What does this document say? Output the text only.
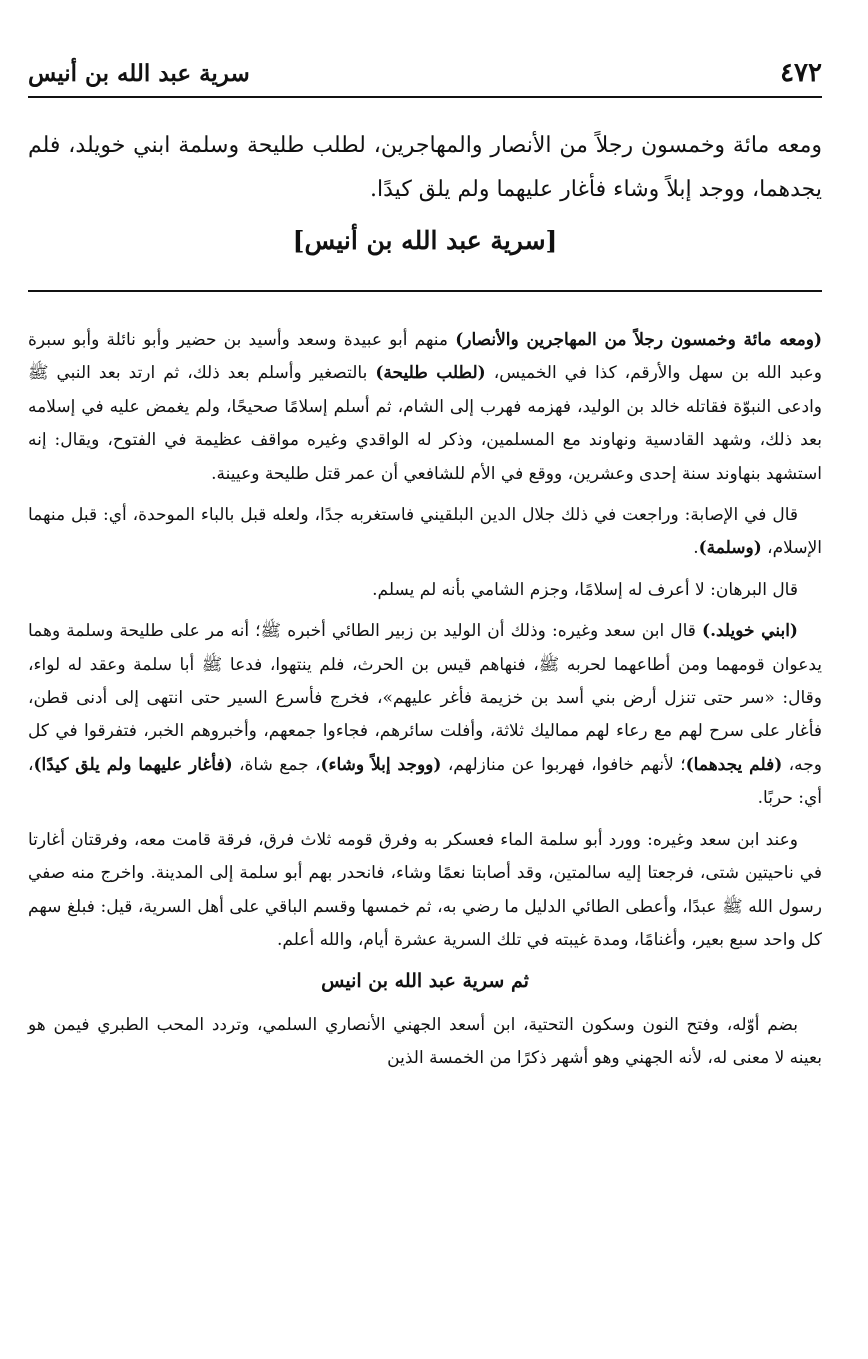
٤٧٢
سرية عبد الله بن أنيس

ومعه مائة وخمسون رجلاً من الأنصار والمهاجرين، لطلب طليحة وسلمة ابني خويلد، فلم يجدهما، ووجد إبلاً وشاء فأغار عليهما ولم يلق كيدًا.

[سرية عبد الله بن أنيس]

(ومعه مائة وخمسون رجلاً من المهاجرين والأنصار) منهم أبو عبيدة وسعد وأسيد بن حضير وأبو نائلة وأبو سبرة وعبد الله بن سهل والأرقم، كذا في الخميس، (لطلب طليحة) بالتصغير وأسلم بعد ذلك، ثم ارتد بعد النبي ﷺ وادعى النبوّة فقاتله خالد بن الوليد، فهزمه فهرب إلى الشام، ثم أسلم إسلامًا صحيحًا، ولم يغمض عليه في إسلامه بعد ذلك، وشهد القادسية ونهاوند مع المسلمين، وذكر له الواقدي وغيره مواقف عظيمة في الفتوح، ويقال: إنه استشهد بنهاوند سنة إحدى وعشرين، ووقع في الأم للشافعي أن عمر قتل طليحة وعيينة.

قال في الإصابة: وراجعت في ذلك جلال الدين البلقيني فاستغربه جدًا، ولعله قبل بالباء الموحدة، أي: قبل منهما الإسلام، (وسلمة).

قال البرهان: لا أعرف له إسلامًا، وجزم الشامي بأنه لم يسلم.

(ابني خويلد.) قال ابن سعد وغيره: وذلك أن الوليد بن زبير الطائي أخبره ﷺ؛ أنه مر على طليحة وسلمة وهما يدعوان قومهما ومن أطاعهما لحربه ﷺ، فنهاهم قيس بن الحرث، فلم ينتهوا، فدعا ﷺ أبا سلمة وعقد له لواء، وقال: «سر حتى تنزل أرض بني أسد بن خزيمة فأغر عليهم»، فخرج فأسرع السير حتى انتهى إلى أدنى قطن، فأغار على سرح لهم مع رعاء لهم مماليك ثلاثة، وأفلت سائرهم، فجاءوا جمعهم، وأخبروهم الخبر، فتفرقوا في كل وجه، (فلم يجدهما)؛ لأنهم خافوا، فهربوا عن منازلهم، (ووجد إبلاً وشاء)، جمع شاة، (فأغار عليهما ولم يلق كيدًا)، أي: حربًا.

وعند ابن سعد وغيره: وورد أبو سلمة الماء فعسكر به وفرق قومه ثلاث فرق، فرقة قامت معه، وفرقتان أغارتا في ناحيتين شتى، فرجعتا إليه سالمتين، وقد أصابتا نعمًا وشاء، فانحدر بهم أبو سلمة إلى المدينة. واخرج منه صفي رسول الله ﷺ عبدًا، وأعطى الطائي الدليل ما رضي به، ثم خمسها وقسم الباقي على أهل السرية، قيل: فبلغ سهم كل واحد سبع بعير، وأغنامًا، ومدة غيبته في تلك السرية عشرة أيام، والله أعلم.

ثم سرية عبد الله بن انيس

بضم أوّله، وفتح النون وسكون التحتية، ابن أسعد الجهني الأنصاري السلمي، وتردد المحب الطبري فيمن هو بعينه لا معنى له، لأنه الجهني وهو أشهر ذكرًا من الخمسة الذين
